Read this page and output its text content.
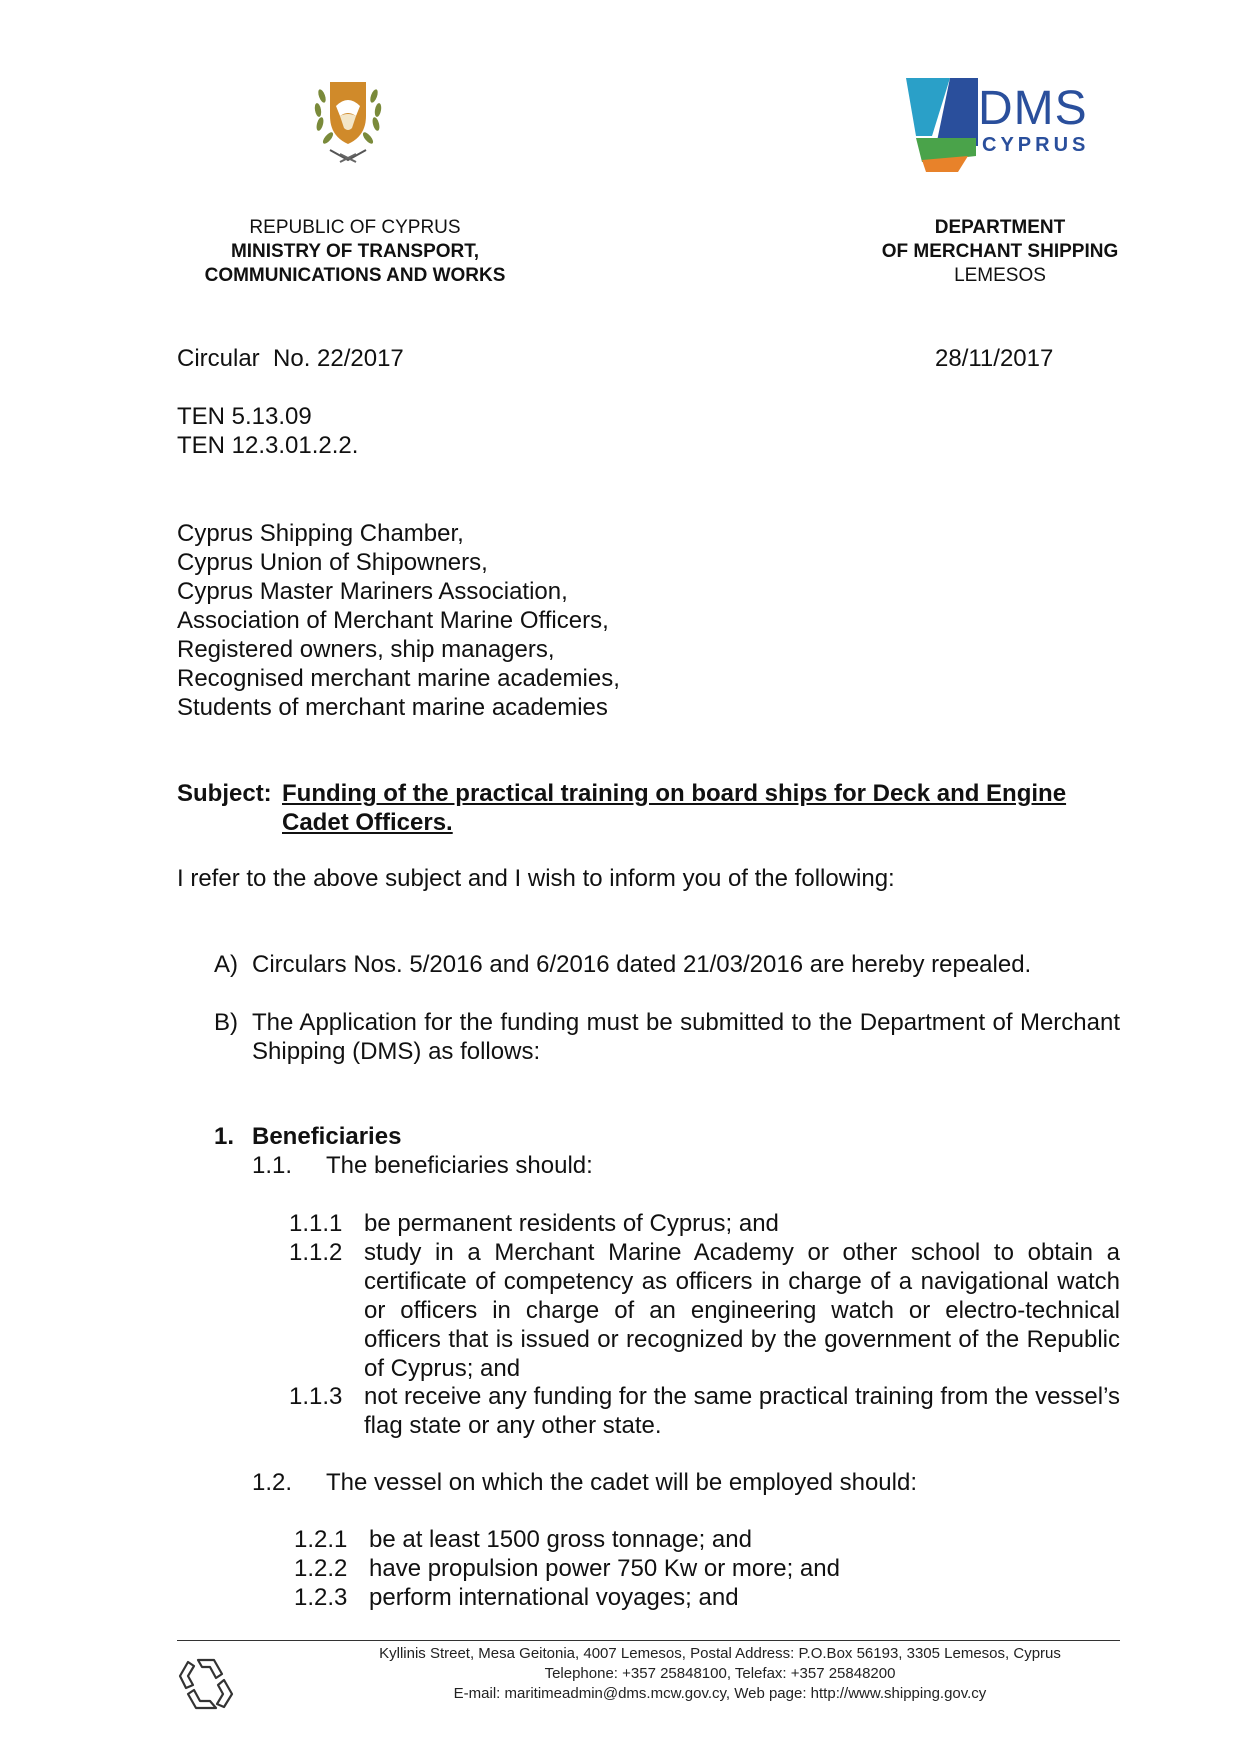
DMS
CYPRUS
REPUBLIC OF CYPRUS
MINISTRY OF TRANSPORT,
COMMUNICATIONS AND WORKS
DEPARTMENT
OF MERCHANT SHIPPING
LEMESOS
Circular  No. 22/2017	28/11/2017
TEN 5.13.09
TEN 12.3.01.2.2.
Cyprus Shipping Chamber,
Cyprus Union of Shipowners,
Cyprus Master Mariners Association,
Association of Merchant Marine Officers,
Registered owners, ship managers,
Recognised merchant marine academies,
Students of merchant marine academies
Subject: Funding of the practical training on board ships for Deck and Engine
Cadet Officers.
I refer to the above subject and I wish to inform you of the following:
A) Circulars Nos. 5/2016 and 6/2016 dated 21/03/2016 are hereby repealed.
B) The Application for the funding must be submitted to the Department of Merchant Shipping (DMS) as follows:
1. Beneficiaries
1.1. The beneficiaries should:
1.1.1 be permanent residents of Cyprus; and
1.1.2 study in a Merchant Marine Academy or other school to obtain a certificate of competency as officers in charge of a navigational watch or officers in charge of an engineering watch or electro-technical officers that is issued or recognized by the government of the Republic of Cyprus; and
1.1.3 not receive any funding for the same practical training from the vessel’s flag state or any other state.
1.2. The vessel on which the cadet will be employed should:
1.2.1 be at least 1500 gross tonnage; and
1.2.2 have propulsion power 750 Kw or more; and
1.2.3 perform international voyages; and
Kyllinis Street, Mesa Geitonia, 4007 Lemesos, Postal Address: P.O.Box 56193, 3305 Lemesos, Cyprus
Telephone: +357 25848100, Telefax: +357 25848200
E-mail: maritimeadmin@dms.mcw.gov.cy, Web page: http://www.shipping.gov.cy
